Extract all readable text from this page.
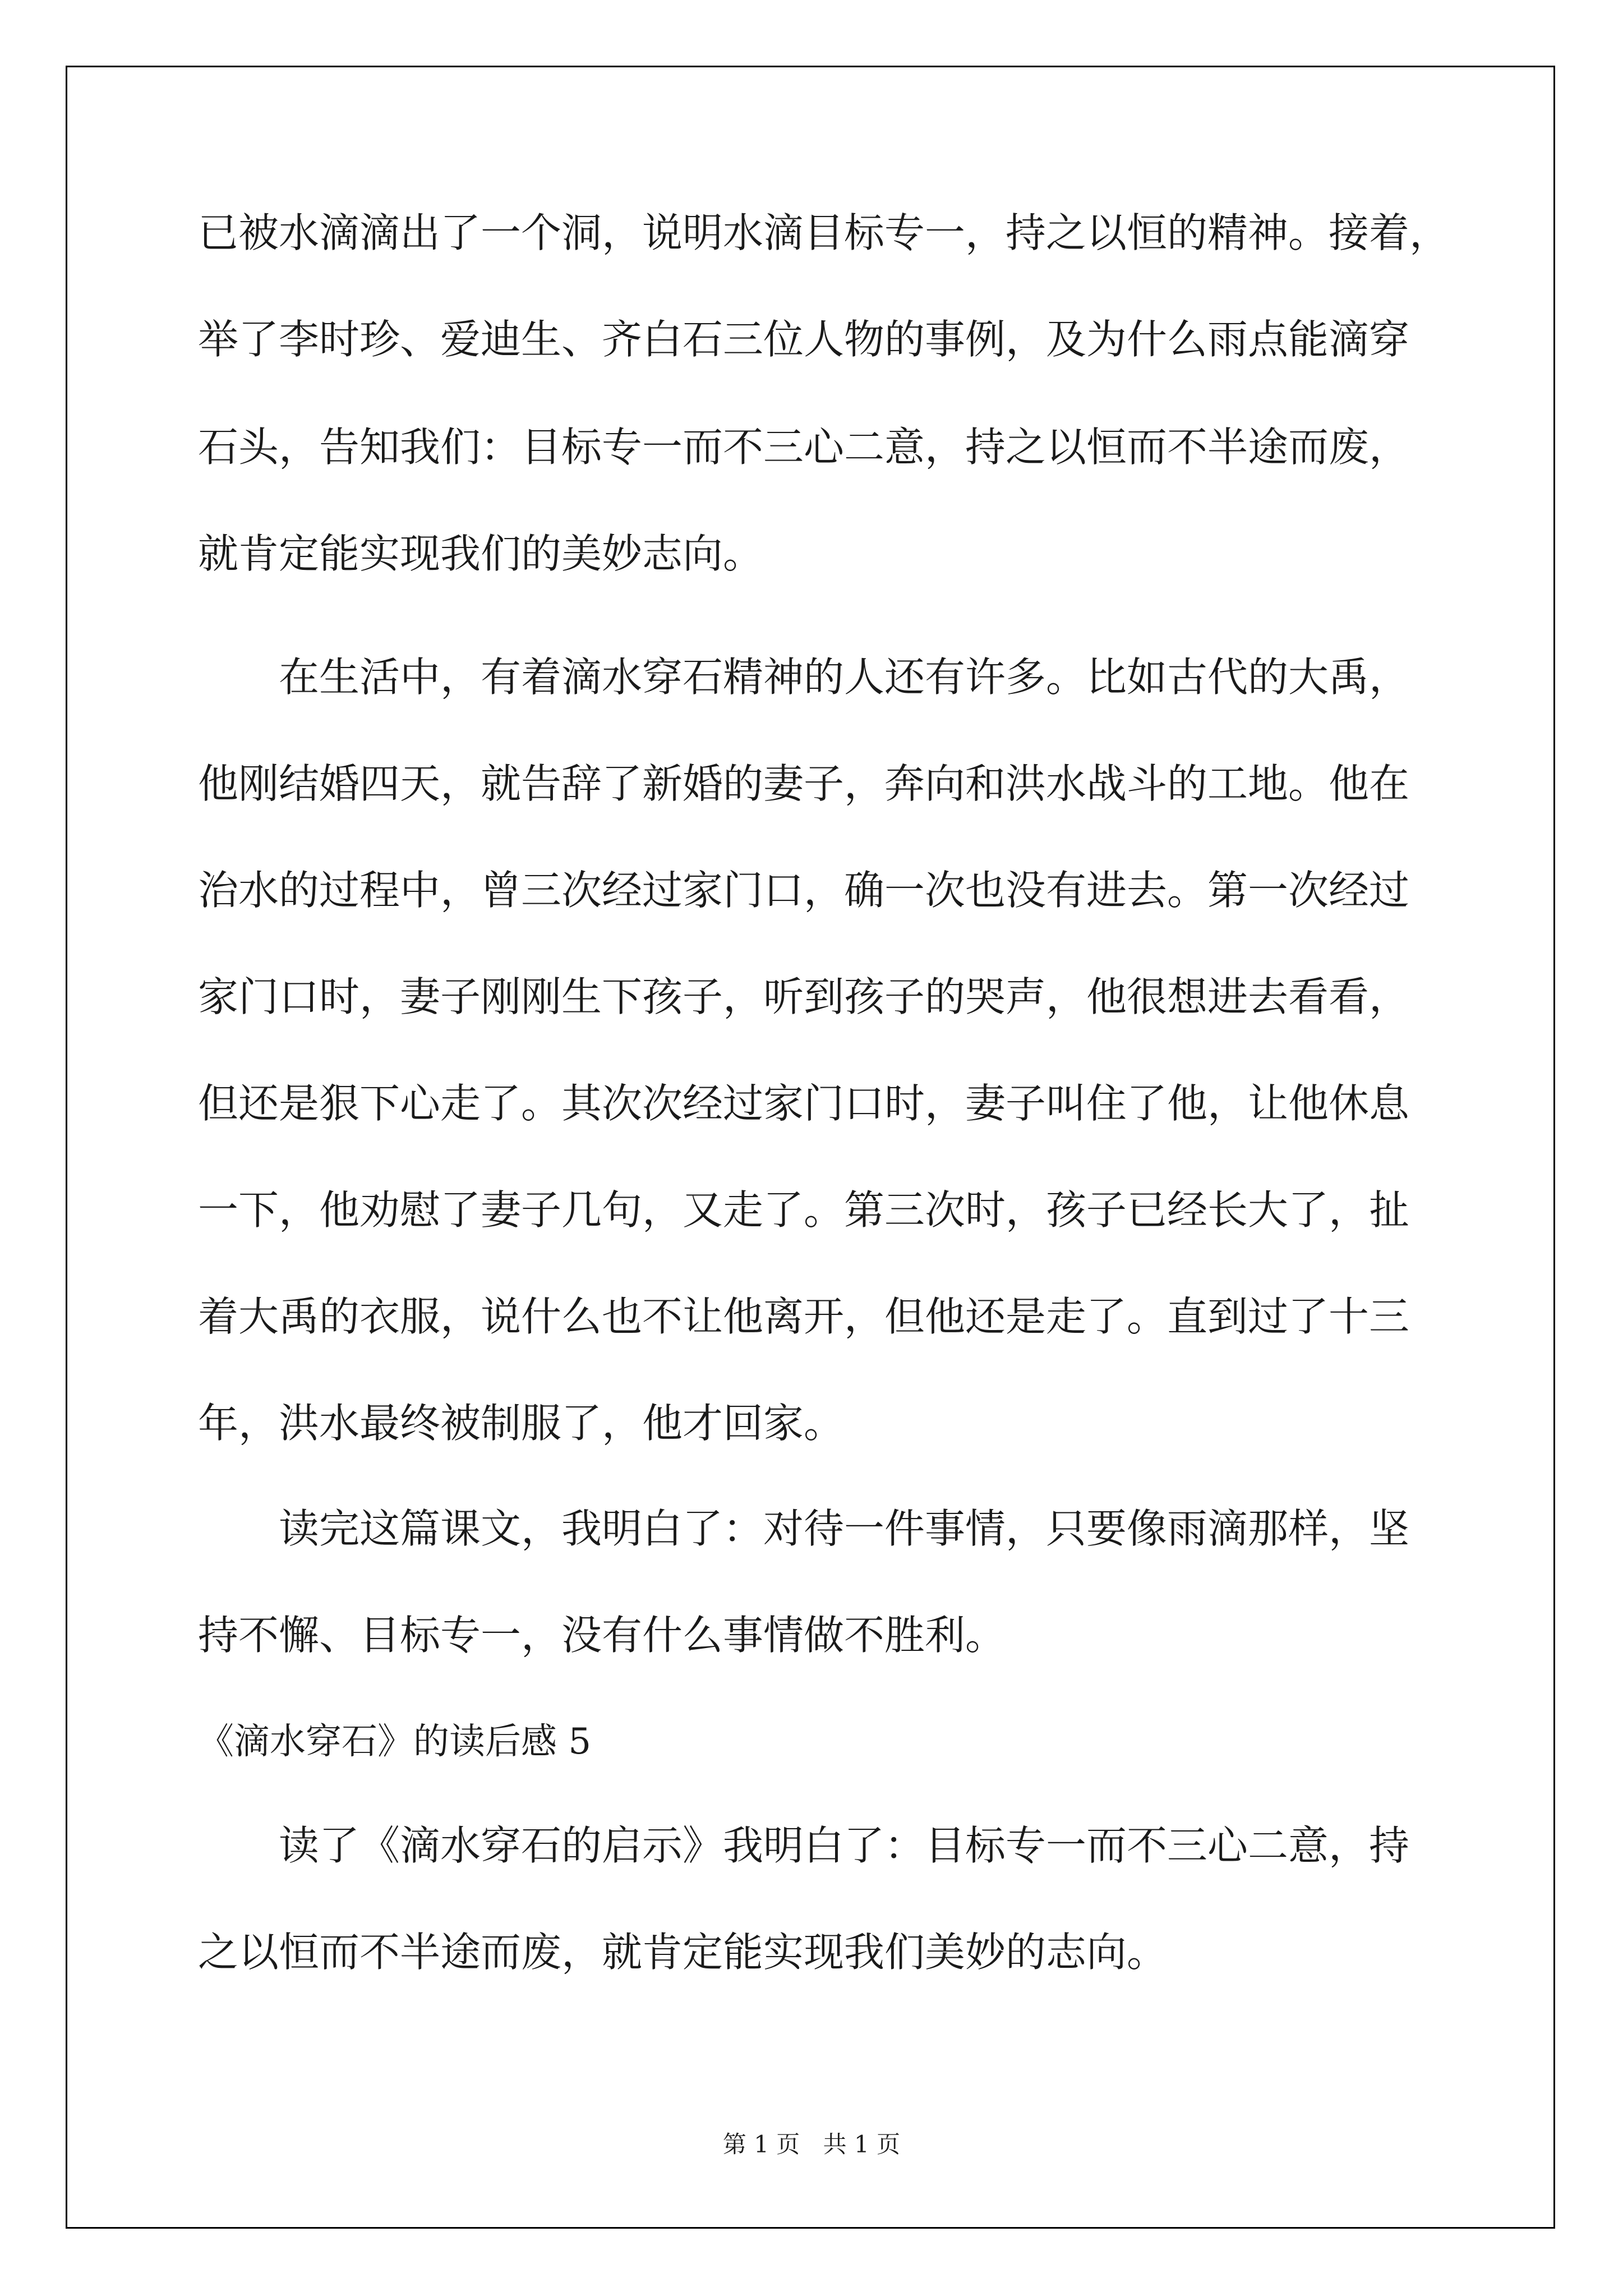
已被水滴滴出了一个洞，说明水滴目标专一，持之以恒的精神。接着，
举了李时珍、爱迪生、齐白石三位人物的事例，及为什么雨点能滴穿
石头，告知我们：目标专一而不三心二意，持之以恒而不半途而废，
就肯定能实现我们的美妙志向。
在生活中，有着滴水穿石精神的人还有许多。比如古代的大禹，
他刚结婚四天，就告辞了新婚的妻子，奔向和洪水战斗的工地。他在
治水的过程中，曾三次经过家门口，确一次也没有进去。第一次经过
家门口时，妻子刚刚生下孩子，听到孩子的哭声，他很想进去看看，
但还是狠下心走了。其次次经过家门口时，妻子叫住了他，让他休息
一下，他劝慰了妻子几句，又走了。第三次时，孩子已经长大了，扯
着大禹的衣服，说什么也不让他离开，但他还是走了。直到过了十三
年，洪水最终被制服了，他才回家。
读完这篇课文，我明白了：对待一件事情，只要像雨滴那样，坚
持不懈、目标专一，没有什么事情做不胜利。
《滴水穿石》的读后感 5
读了《滴水穿石的启示》我明白了：目标专一而不三心二意，持
之以恒而不半途而废，就肯定能实现我们美妙的志向。
第 1 页 共 1 页
